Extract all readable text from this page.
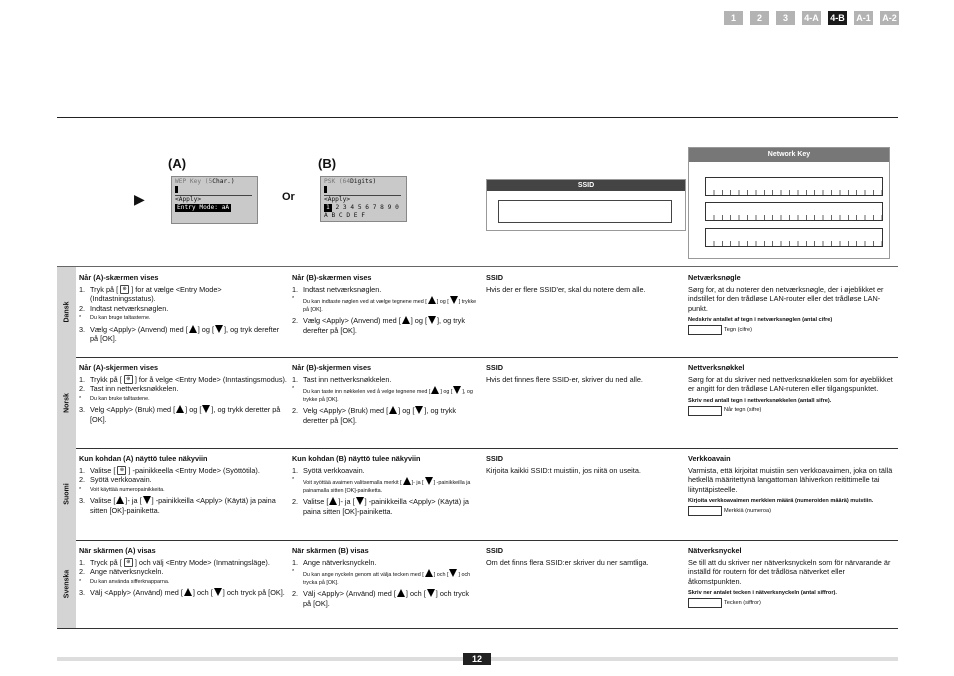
1	2	3	4-A 4-B A-1 A-2
(A)	(B)
▶	Or
WEP Key (5Char.)
<Apply>
Entry Mode: aA
PSK (64Digits)
<Apply>
1 2 3 4 5 6 7 8 9 0
A B C D E F
SSID
Network Key
Dansk
Når (A)-skærmen vises
1. Tryk på [ ⊕ ] for at vælge <Entry Mode> (Indtastningsstatus).
2. Indtast netværksnøglen.
*	Du kan bruge taltasterne.
3. Vælg <Apply> (Anvend) med [ ] og [ ], og tryk derefter på [OK].
Når (B)-skærmen vises
1. Indtast netværksnøglen.
*	Du kan indtaste nøglen ved at vælge tegnene med [ ] og [ ] trykke på [OK].
2. Vælg <Apply> (Anvend) med [ ] og [ ], og tryk derefter på [OK].
SSID

Hvis der er flere SSID'er, skal du notere dem alle.

Netværksnøgle

Sørg for, at du noterer den netværksnøgle, der i øjeblikket er indstillet for den trådløse LAN-router eller det trådløse LAN-punkt.

Nedskriv antallet af tegn i netværksnøglen (antal cifre)
Tegn (cifre)
Norsk
Når (A)-skjermen vises
1. Trykk på [ ⊕ ] for å velge <Entry Mode> (Inntastingsmodus).
2. Tast inn nettverksnøkkelen.
*	Du kan bruke talltastene.
3. Velg <Apply> (Bruk) med [ ] og [ ], og trykk deretter på [OK].
Når (B)-skjermen vises
1. Tast inn nettverksnøkkelen.
*	Du kan taste inn nøkkelen ved å velge tegnene med [ ] og [ ], og trykke på [OK].
2. Velg <Apply> (Bruk) med [ ] og [ ], og trykk deretter på [OK].
SSID

Hvis det finnes flere SSID-er, skriver du ned alle.

Nettverksnøkkel

Sørg for at du skriver ned nettverksnøkkelen som for øyeblikket er angitt for den trådløse LAN-ruteren eller tilgangspunktet.

Skriv ned antall tegn i nettverksnøkkelen (antall sifre).
Når tegn (sifre)
Suomi
Kun kohdan (A) näyttö tulee näkyviin
1. Valitse [ ⊕ ] -painikkeella <Entry Mode> (Syöttötila).
2. Syötä verkkoavain.
*	Voit käyttää numeropainikkeita.
3. Valitse [ ]- ja [ ] -painikkeilla <Apply> (Käytä) ja paina sitten [OK]-painiketta.
Kun kohdan (B) näyttö tulee näkyviin
1. Syötä verkkoavain.
*	Voit syöttää avaimen valitsemalla merkit [ ]- ja [ ] -painikkeilla ja painamalla sitten [OK]-painiketta.
2. Valitse [ ]- ja [ ] -painikkeilla <Apply> (Käytä) ja paina sitten [OK]-painiketta.
SSID

Kirjoita kaikki SSID:t muistiin, jos niitä on useita.

Verkkoavain

Varmista, että kirjoitat muistiin sen verkkoavaimen, joka on tällä hetkellä määritettynä langattoman lähiverkon reitittimelle tai liityntäpisteelle.

Kirjoita verkkoavaimen merkkien määrä (numeroiden määrä) muistiin.
Merkkiä (numeroa)
Svenska
När skärmen (A) visas
1. Tryck på [ ⊕ ] och välj <Entry Mode> (Inmatningsläge).
2. Ange nätverksnyckeln.
*	Du kan använda sifferknapparna.
3. Välj <Apply> (Använd) med [ ] och [ ] och tryck på [OK].
När skärmen (B) visas
1. Ange nätverksnyckeln.
*	Du kan ange nyckeln genom att välja tecken med [ ] och [ ] och trycka på [OK].
2. Välj <Apply> (Använd) med [ ] och [ ] och tryck på [OK].
SSID

Om det finns flera SSID:er skriver du ner samtliga.

Nätverksnyckel

Se till att du skriver ner nätverksnyckeln som för närvarande är inställd för routern för det trådlösa nätverket eller åtkomstpunkten.

Skriv ner antalet tecken i nätverksnyckeln (antal siffror).
Tecken (siffror)
12
